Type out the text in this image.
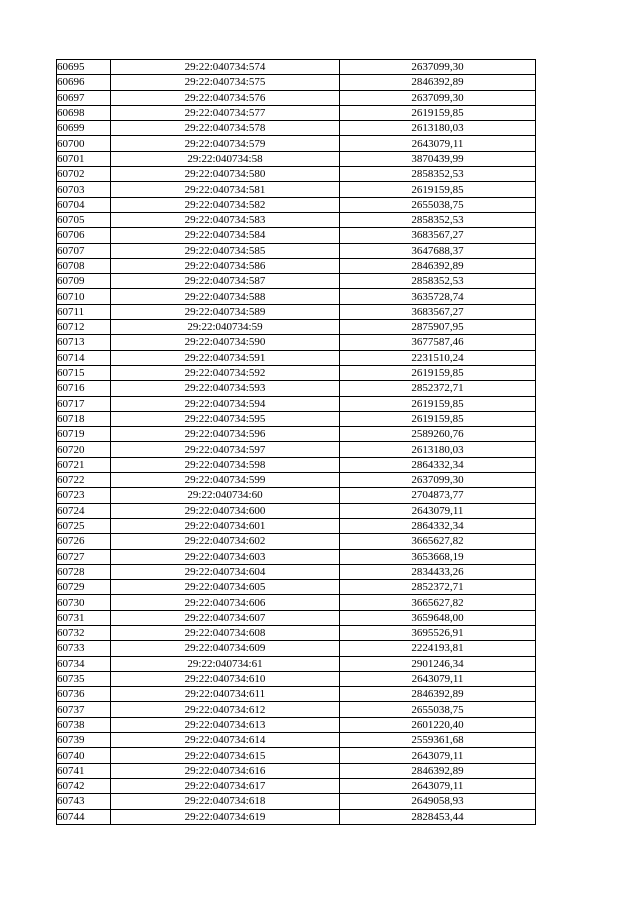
60695	29:22:040734:574	2637099,30
60696	29:22:040734:575	2846392,89
60697	29:22:040734:576	2637099,30
60698	29:22:040734:577	2619159,85
60699	29:22:040734:578	2613180,03
60700	29:22:040734:579	2643079,11
60701	29:22:040734:58	3870439,99
60702	29:22:040734:580	2858352,53
60703	29:22:040734:581	2619159,85
60704	29:22:040734:582	2655038,75
60705	29:22:040734:583	2858352,53
60706	29:22:040734:584	3683567,27
60707	29:22:040734:585	3647688,37
60708	29:22:040734:586	2846392,89
60709	29:22:040734:587	2858352,53
60710	29:22:040734:588	3635728,74
60711	29:22:040734:589	3683567,27
60712	29:22:040734:59	2875907,95
60713	29:22:040734:590	3677587,46
60714	29:22:040734:591	2231510,24
60715	29:22:040734:592	2619159,85
60716	29:22:040734:593	2852372,71
60717	29:22:040734:594	2619159,85
60718	29:22:040734:595	2619159,85
60719	29:22:040734:596	2589260,76
60720	29:22:040734:597	2613180,03
60721	29:22:040734:598	2864332,34
60722	29:22:040734:599	2637099,30
60723	29:22:040734:60	2704873,77
60724	29:22:040734:600	2643079,11
60725	29:22:040734:601	2864332,34
60726	29:22:040734:602	3665627,82
60727	29:22:040734:603	3653668,19
60728	29:22:040734:604	2834433,26
60729	29:22:040734:605	2852372,71
60730	29:22:040734:606	3665627,82
60731	29:22:040734:607	3659648,00
60732	29:22:040734:608	3695526,91
60733	29:22:040734:609	2224193,81
60734	29:22:040734:61	2901246,34
60735	29:22:040734:610	2643079,11
60736	29:22:040734:611	2846392,89
60737	29:22:040734:612	2655038,75
60738	29:22:040734:613	2601220,40
60739	29:22:040734:614	2559361,68
60740	29:22:040734:615	2643079,11
60741	29:22:040734:616	2846392,89
60742	29:22:040734:617	2643079,11
60743	29:22:040734:618	2649058,93
60744	29:22:040734:619	2828453,44
